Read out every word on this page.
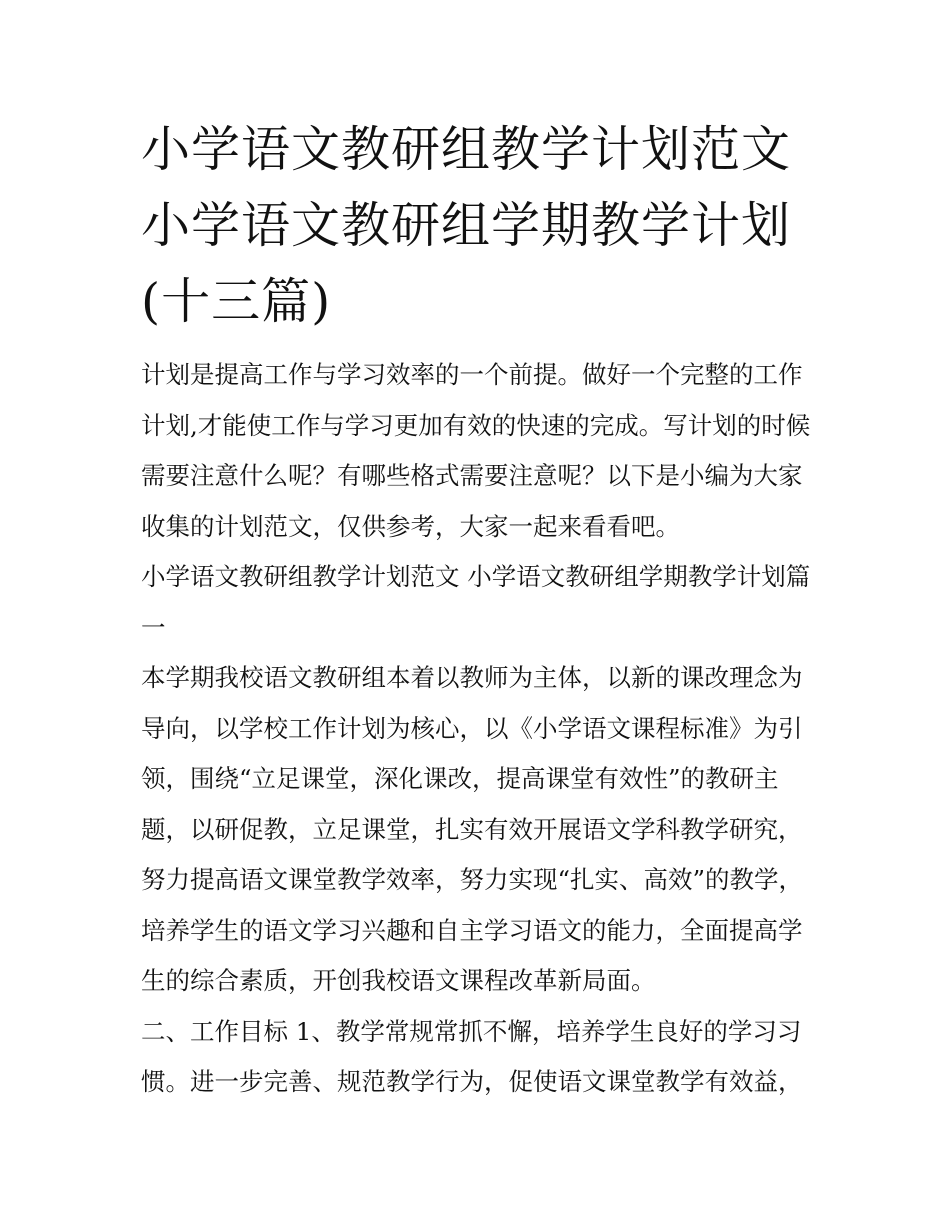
小学语文教研组教学计划范文 小学语文教研组学期教学计划 (十三篇)

计划是提高工作与学习效率的一个前提。做好一个完整的工作计划,才能使工作与学习更加有效的快速的完成。写计划的时候需要注意什么呢？有哪些格式需要注意呢？以下是小编为大家收集的计划范文，仅供参考，大家一起来看看吧。

小学语文教研组教学计划范文 小学语文教研组学期教学计划篇一

本学期我校语文教研组本着以教师为主体，以新的课改理念为导向，以学校工作计划为核心，以《小学语文课程标准》为引领，围绕“立足课堂，深化课改，提高课堂有效性”的教研主题，以研促教，立足课堂，扎实有效开展语文学科教学研究，努力提高语文课堂教学效率，努力实现“扎实、高效”的教学，培养学生的语文学习兴趣和自主学习语文的能力，全面提高学生的综合素质，开创我校语文课程改革新局面。

二、工作目标 1、教学常规常抓不懈，培养学生良好的学习习惯。进一步完善、规范教学行为，促使语文课堂教学有效益，
